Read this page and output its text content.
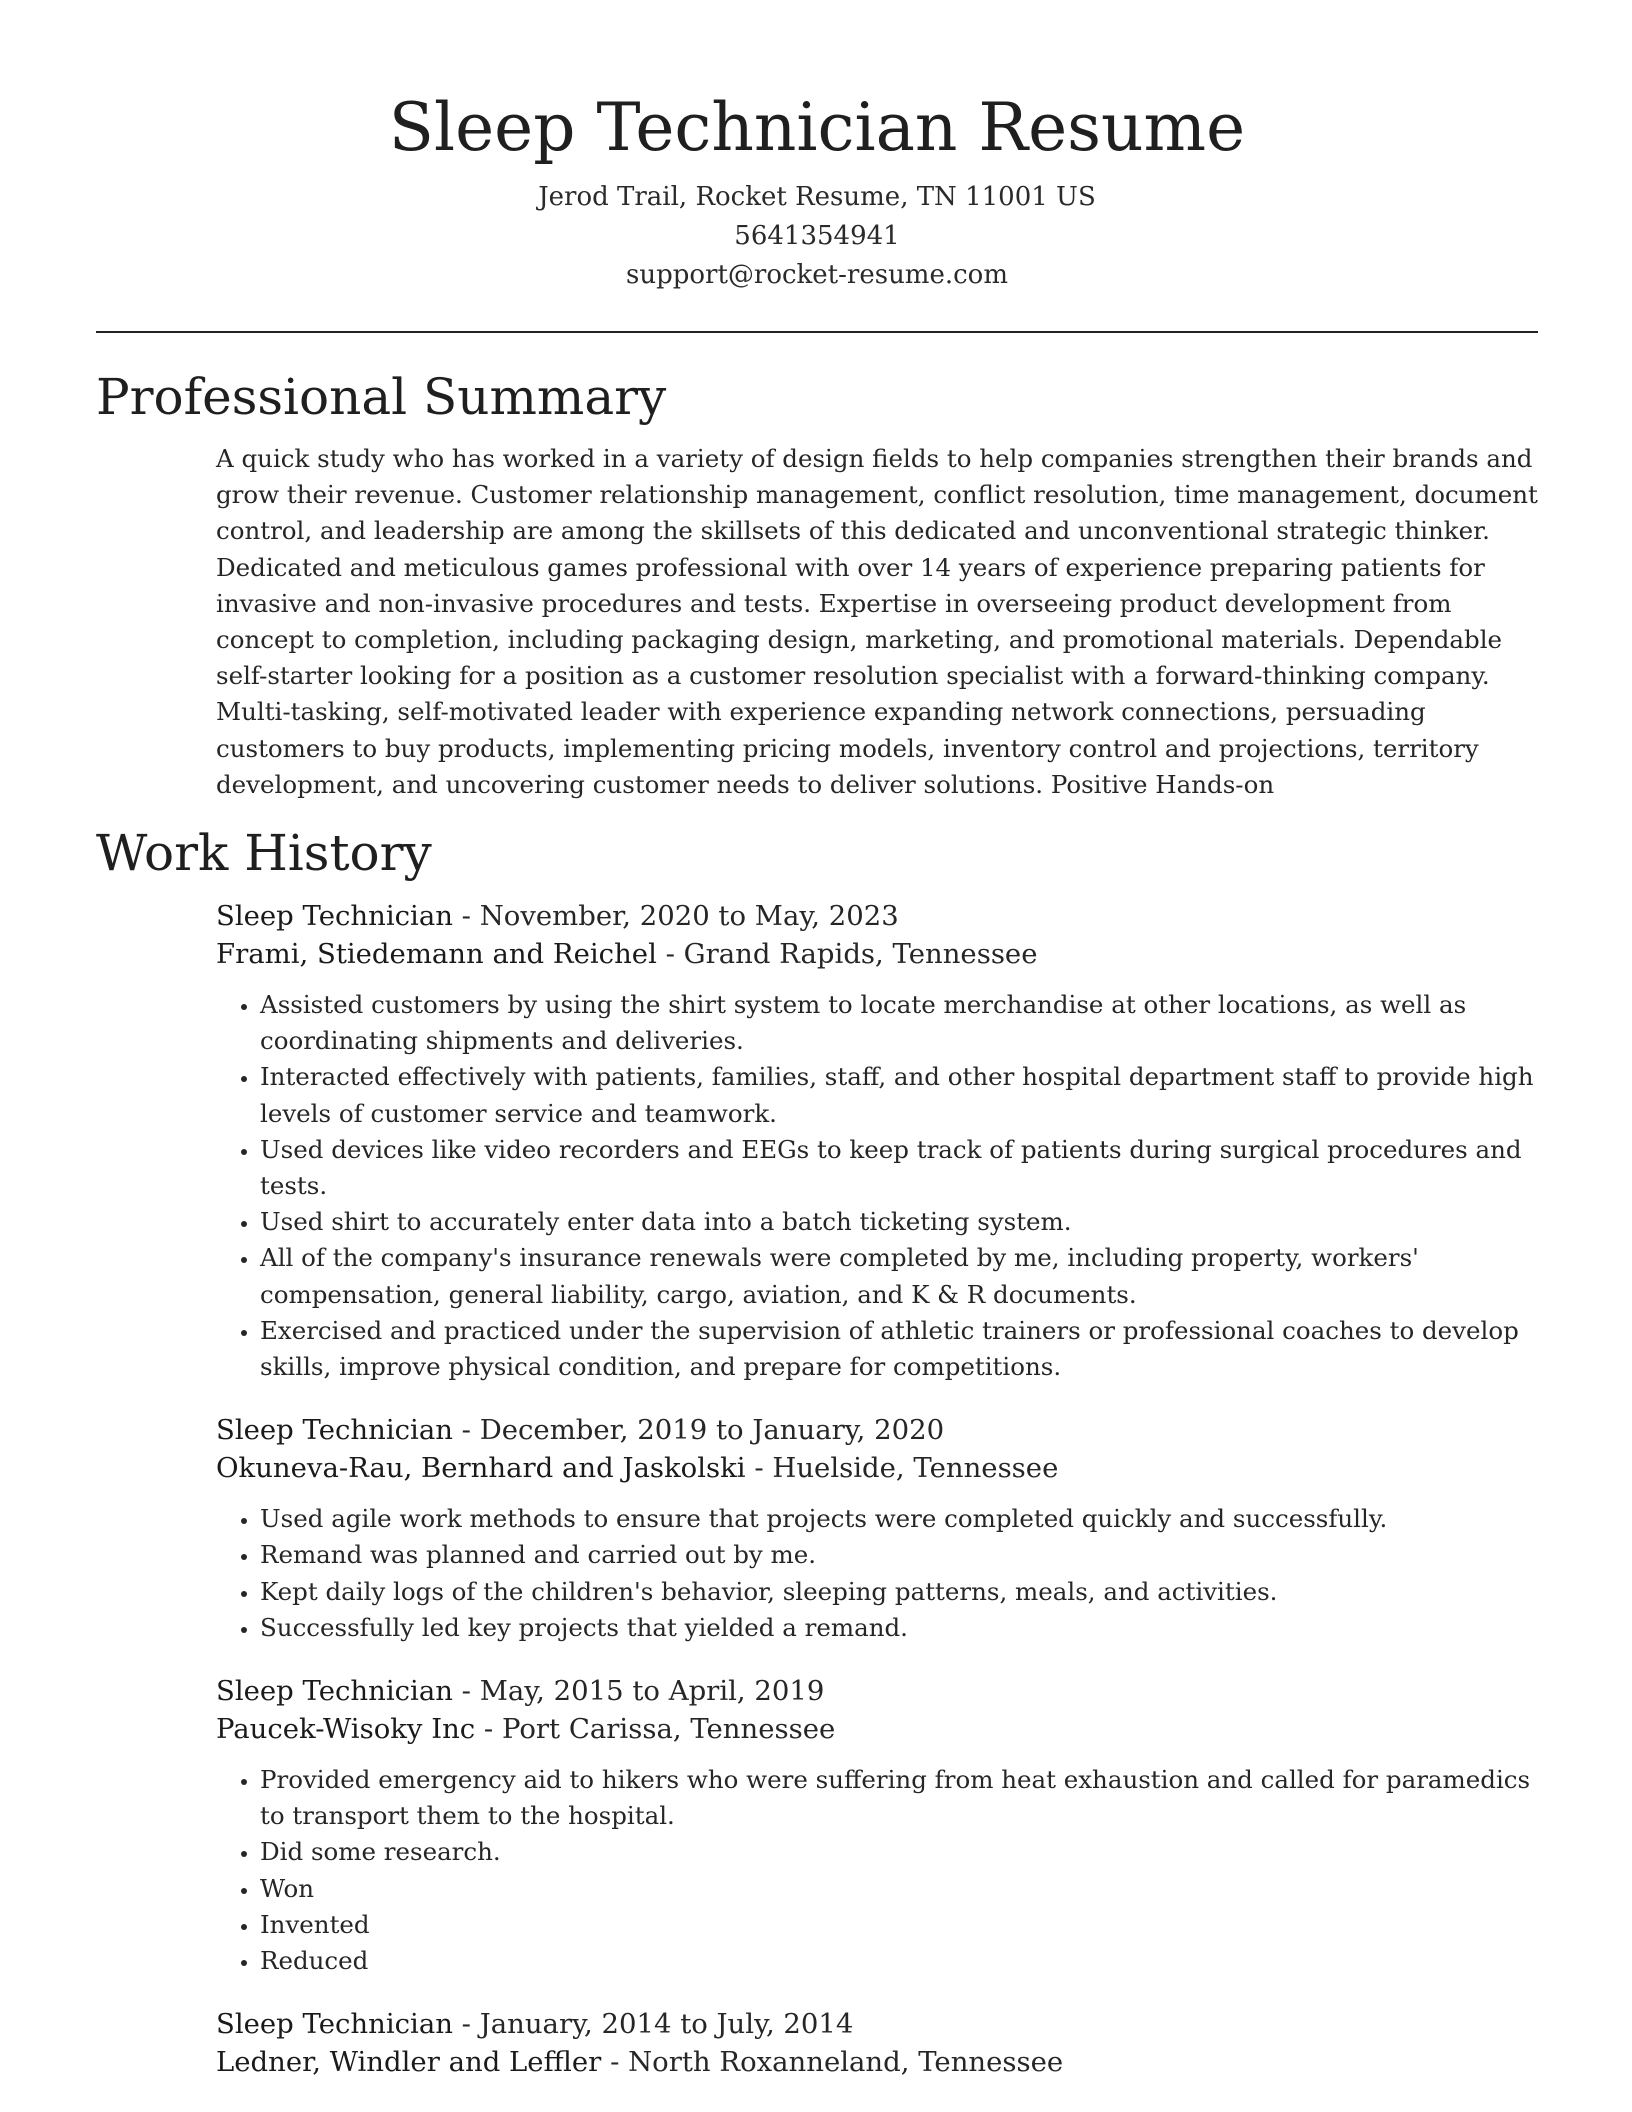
Sleep Technician Resume
Jerod Trail, Rocket Resume, TN 11001 US
5641354941
support@rocket-resume.com
Professional Summary

A quick study who has worked in a variety of design fields to help companies strengthen their brands and grow their revenue. Customer relationship management, conflict resolution, time management, document control, and leadership are among the skillsets of this dedicated and unconventional strategic thinker. Dedicated and meticulous games professional with over 14 years of experience preparing patients for invasive and non-invasive procedures and tests. Expertise in overseeing product development from concept to completion, including packaging design, marketing, and promotional materials. Dependable self-starter looking for a position as a customer resolution specialist with a forward-thinking company. Multi-tasking, self-motivated leader with experience expanding network connections, persuading customers to buy products, implementing pricing models, inventory control and projections, territory development, and uncovering customer needs to deliver solutions. Positive Hands-on

Work History
Sleep Technician - November, 2020 to May, 2023
Frami, Stiedemann and Reichel - Grand Rapids, Tennessee
• Assisted customers by using the shirt system to locate merchandise at other locations, as well as coordinating shipments and deliveries.
• Interacted effectively with patients, families, staff, and other hospital department staff to provide high levels of customer service and teamwork.
• Used devices like video recorders and EEGs to keep track of patients during surgical procedures and tests.
• Used shirt to accurately enter data into a batch ticketing system.
• All of the company's insurance renewals were completed by me, including property, workers' compensation, general liability, cargo, aviation, and K & R documents.
• Exercised and practiced under the supervision of athletic trainers or professional coaches to develop skills, improve physical condition, and prepare for competitions.
Sleep Technician - December, 2019 to January, 2020
Okuneva-Rau, Bernhard and Jaskolski - Huelside, Tennessee
• Used agile work methods to ensure that projects were completed quickly and successfully.
• Remand was planned and carried out by me.
• Kept daily logs of the children's behavior, sleeping patterns, meals, and activities.
• Successfully led key projects that yielded a remand.
Sleep Technician - May, 2015 to April, 2019
Paucek-Wisoky Inc - Port Carissa, Tennessee
• Provided emergency aid to hikers who were suffering from heat exhaustion and called for paramedics to transport them to the hospital.
• Did some research.
• Won
• Invented
• Reduced
Sleep Technician - January, 2014 to July, 2014
Ledner, Windler and Leffler - North Roxanneland, Tennessee
